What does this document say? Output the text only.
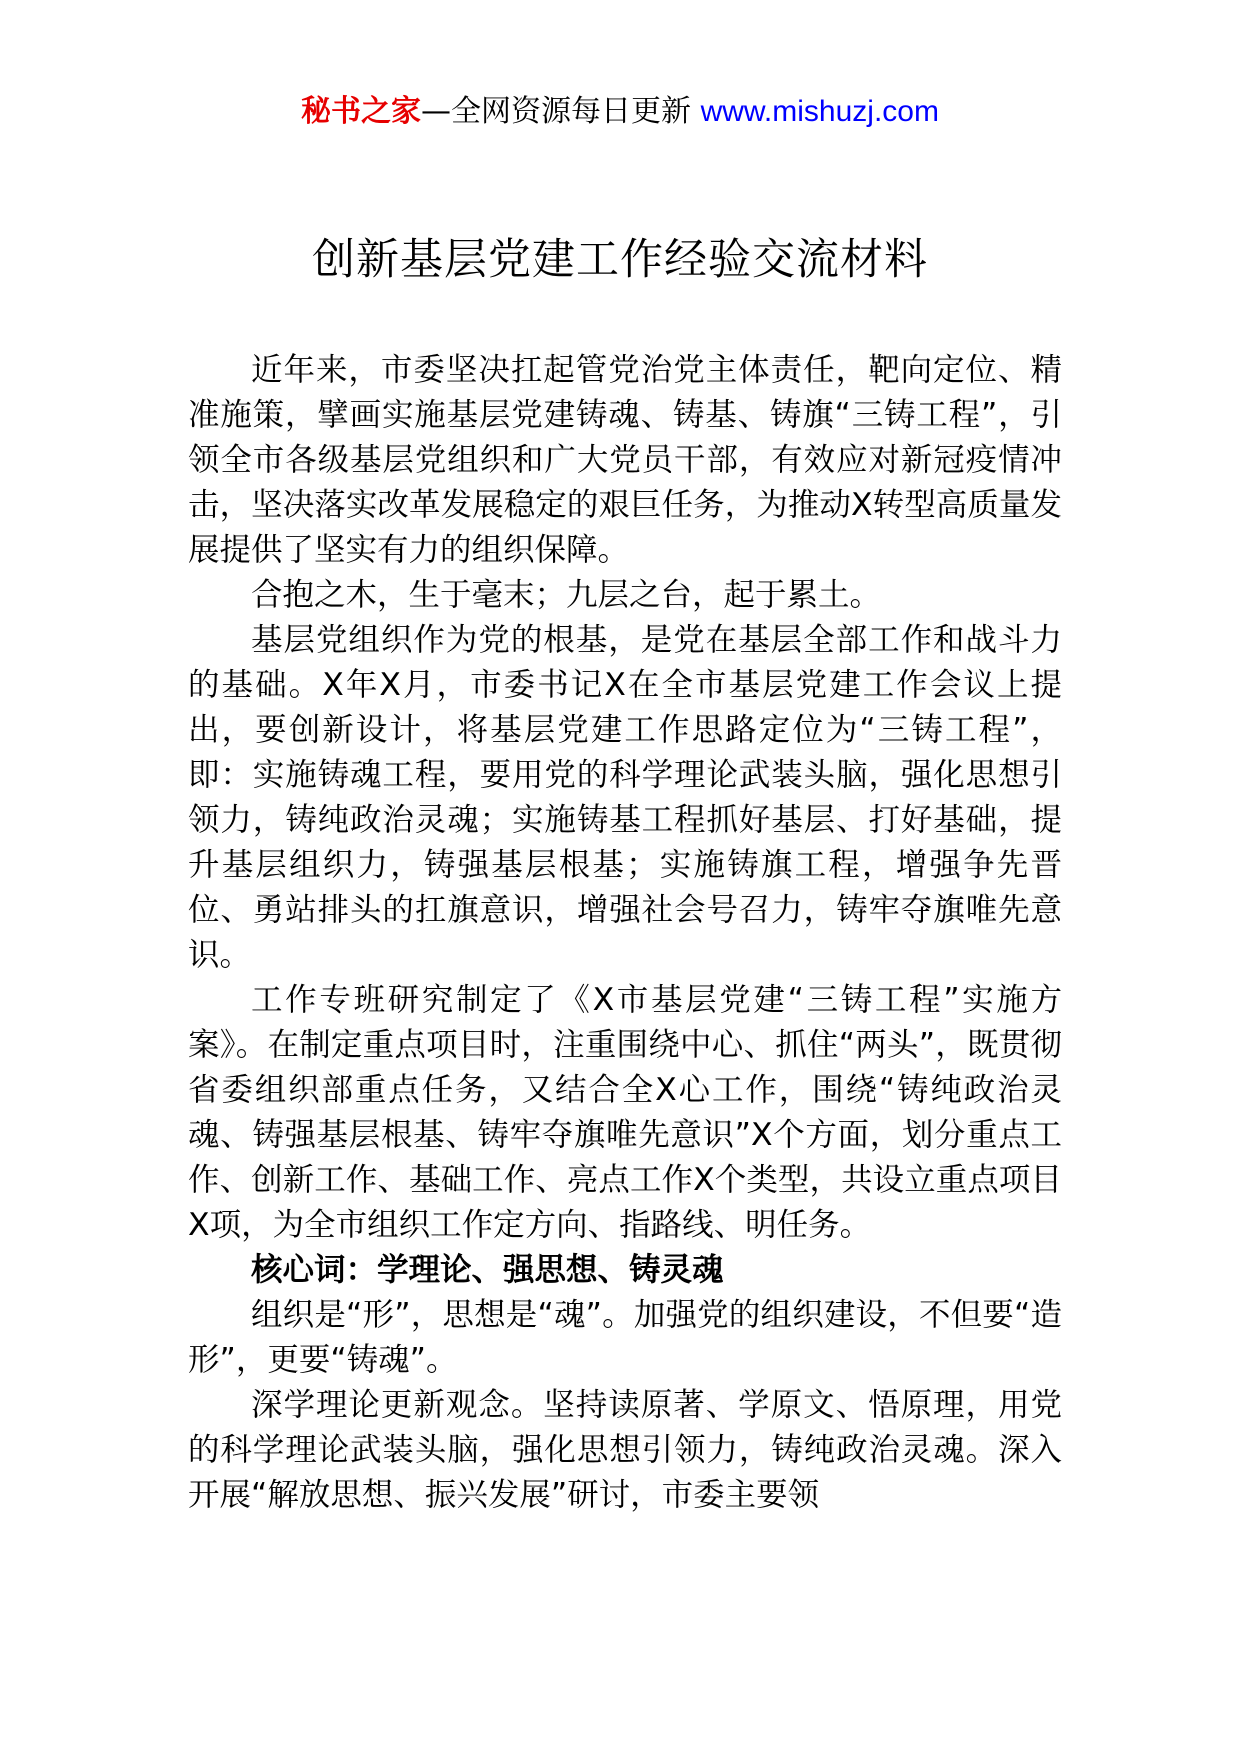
秘书之家—全网资源每日更新 www.mishuzj.com
创新基层党建工作经验交流材料

近年来，市委坚决扛起管党治党主体责任，靶向定位、精准施策，擘画实施基层党建铸魂、铸基、铸旗“三铸工程”，引领全市各级基层党组织和广大党员干部，有效应对新冠疫情冲击，坚决落实改革发展稳定的艰巨任务，为推动X转型高质量发展提供了坚实有力的组织保障。

合抱之木，生于毫末；九层之台，起于累土。

基层党组织作为党的根基，是党在基层全部工作和战斗力的基础。X年X月，市委书记X在全市基层党建工作会议上提出，要创新设计，将基层党建工作思路定位为“三铸工程”，即：实施铸魂工程，要用党的科学理论武装头脑，强化思想引领力，铸纯政治灵魂；实施铸基工程抓好基层、打好基础，提升基层组织力，铸强基层根基；实施铸旗工程，增强争先晋位、勇站排头的扛旗意识，增强社会号召力，铸牢夺旗唯先意识。

工作专班研究制定了《X市基层党建“三铸工程”实施方案》。在制定重点项目时，注重围绕中心、抓住“两头”，既贯彻省委组织部重点任务，又结合全X心工作，围绕“铸纯政治灵魂、铸强基层根基、铸牢夺旗唯先意识”X个方面，划分重点工作、创新工作、基础工作、亮点工作X个类型，共设立重点项目X项，为全市组织工作定方向、指路线、明任务。

核心词：学理论、强思想、铸灵魂

组织是“形”，思想是“魂”。加强党的组织建设，不但要“造形”，更要“铸魂”。

深学理论更新观念。坚持读原著、学原文、悟原理，用党的科学理论武装头脑，强化思想引领力，铸纯政治灵魂。深入开展“解放思想、振兴发展”研讨，市委主要领
